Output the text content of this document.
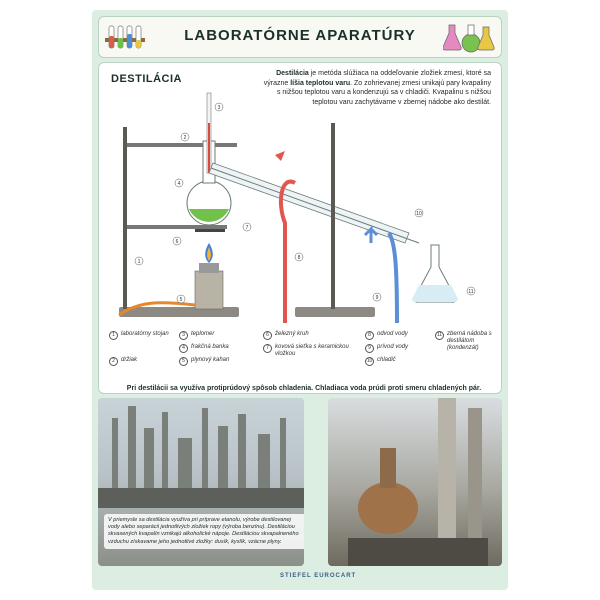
LABORATÓRNE APARATÚRY
DESTILÁCIA	Destilácia je metóda slúžiaca na oddeľovanie zložiek zmesi, ktoré sa výrazne líšia teplotou varu. Zo zohrievanej zmesi unikajú pary kvapaliny s nižšou teplotou varu a kondenzujú sa v chladiči. Kvapalinu s nižšou teplotou varu zachytávame v zbernej nádobe ako destilát.
1
2
3
4
5
6
7
8
9
10
11
1	laboratórny stojan
2	držiak
3	teplomer
4	frakčná banka
5	plynový kahan
6	železný kruh
7	kovová sieťka s keramickou vložkou
8	odvod vody
9	prívod vody
10 chladič
11 zberná nádoba s destilátom (kondenzát)
Pri destilácii sa využíva protiprúdový spôsob chladenia. Chladiaca voda prúdi proti smeru chladených pár.
V priemysle sa destilácia využíva pri príprave etanolu, výrobe destilovanej vody alebo separácii jednotlivých zložiek ropy (výroba benzínu). Destiláciou skvasených kvapalín vznikajú alkoholické nápoje. Destiláciou skvapalneného vzduchu získavame jeho jednotlivé zložky: dusík, kyslík, vzácne plyny.
STIEFEL EUROCART
